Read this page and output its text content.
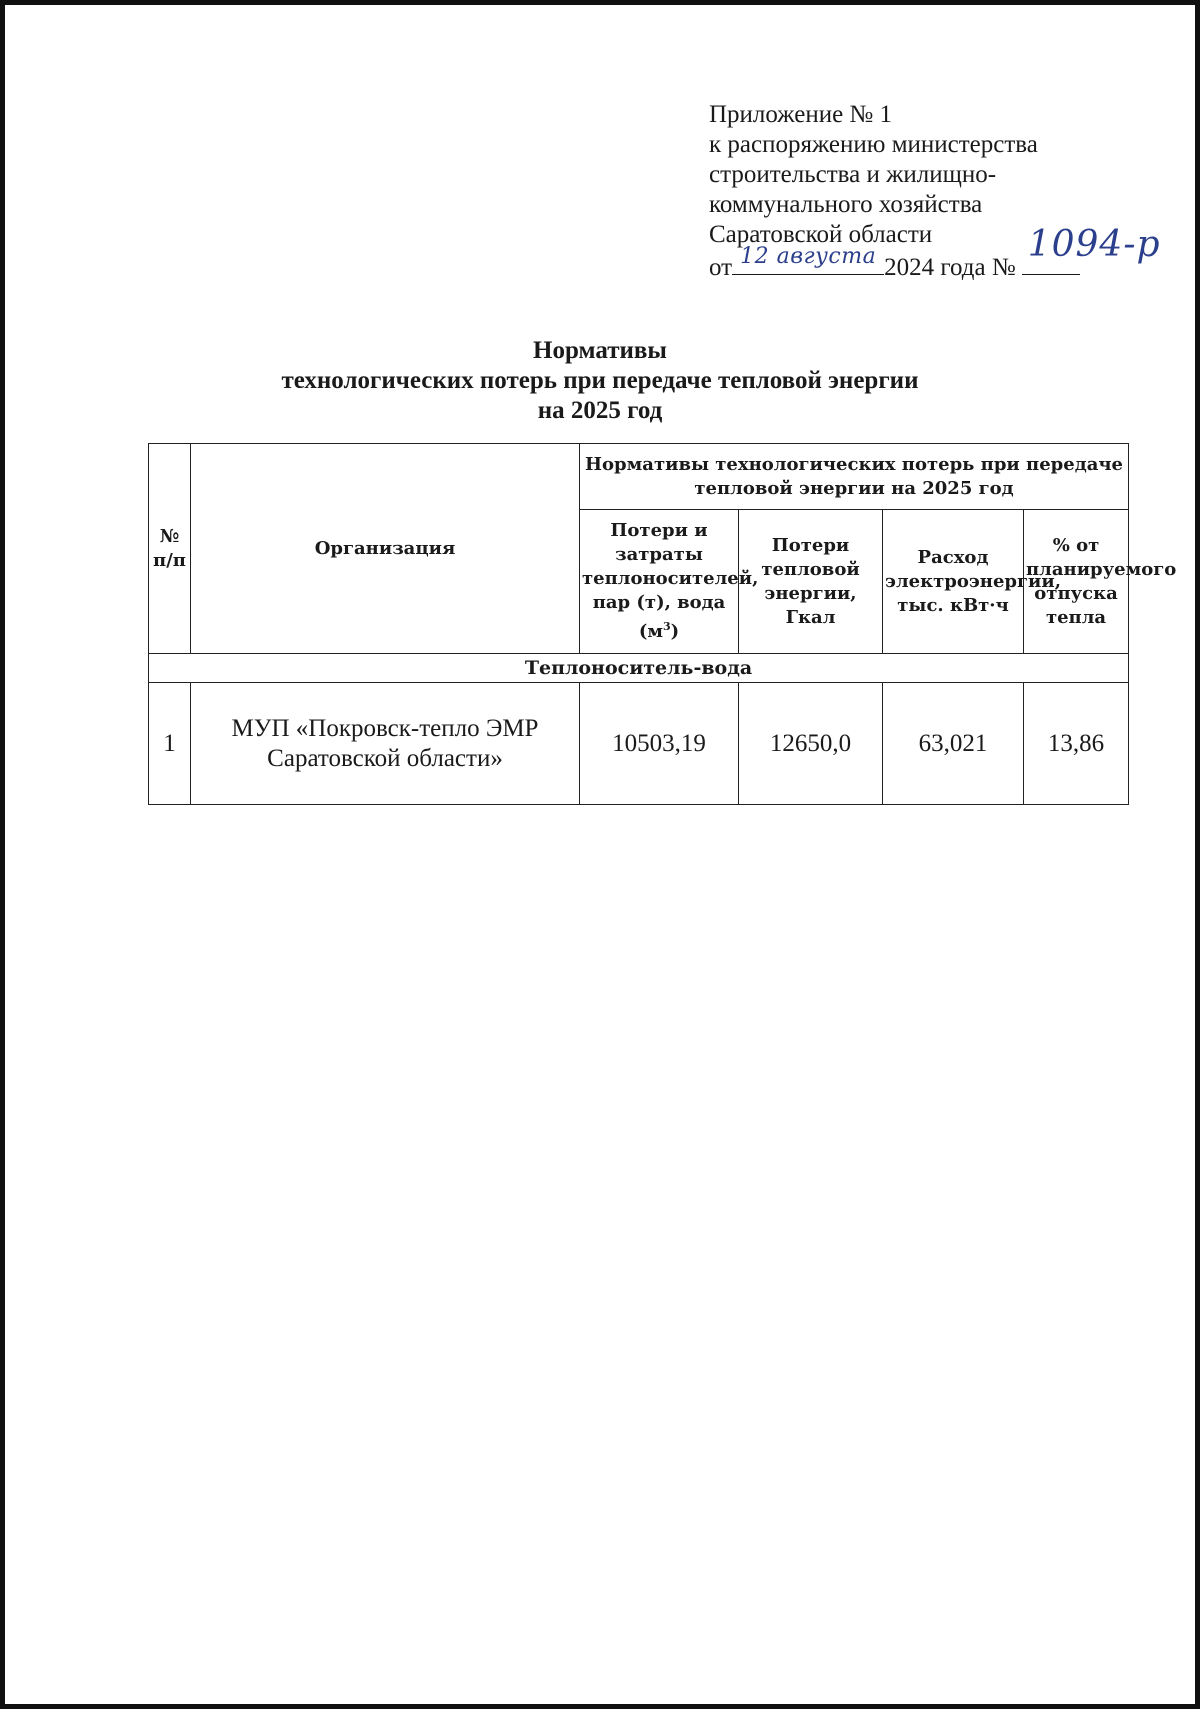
Приложение № 1
к распоряжению министерства
строительства и жилищно-
коммунального хозяйства
Саратовской области
от 12 августа 2024 года №
1094-р
Нормативы
технологических потерь при передаче тепловой энергии
на 2025 год
№ п/п	Организация	Нормативы технологических потерь при передаче тепловой энергии на 2025 год			
		Потери и затраты теплоносителей, пар (т), вода $(м^3)$	Потери тепловой энергии, Гкал	Расход электроэнергии, тыс. кВт·ч	% от планируемого отпуска тепла
Теплоноситель-вода					
1	МУП «Покровск-тепло ЭМР Саратовской области»	10503,19	12650,0	63,021	13,86
